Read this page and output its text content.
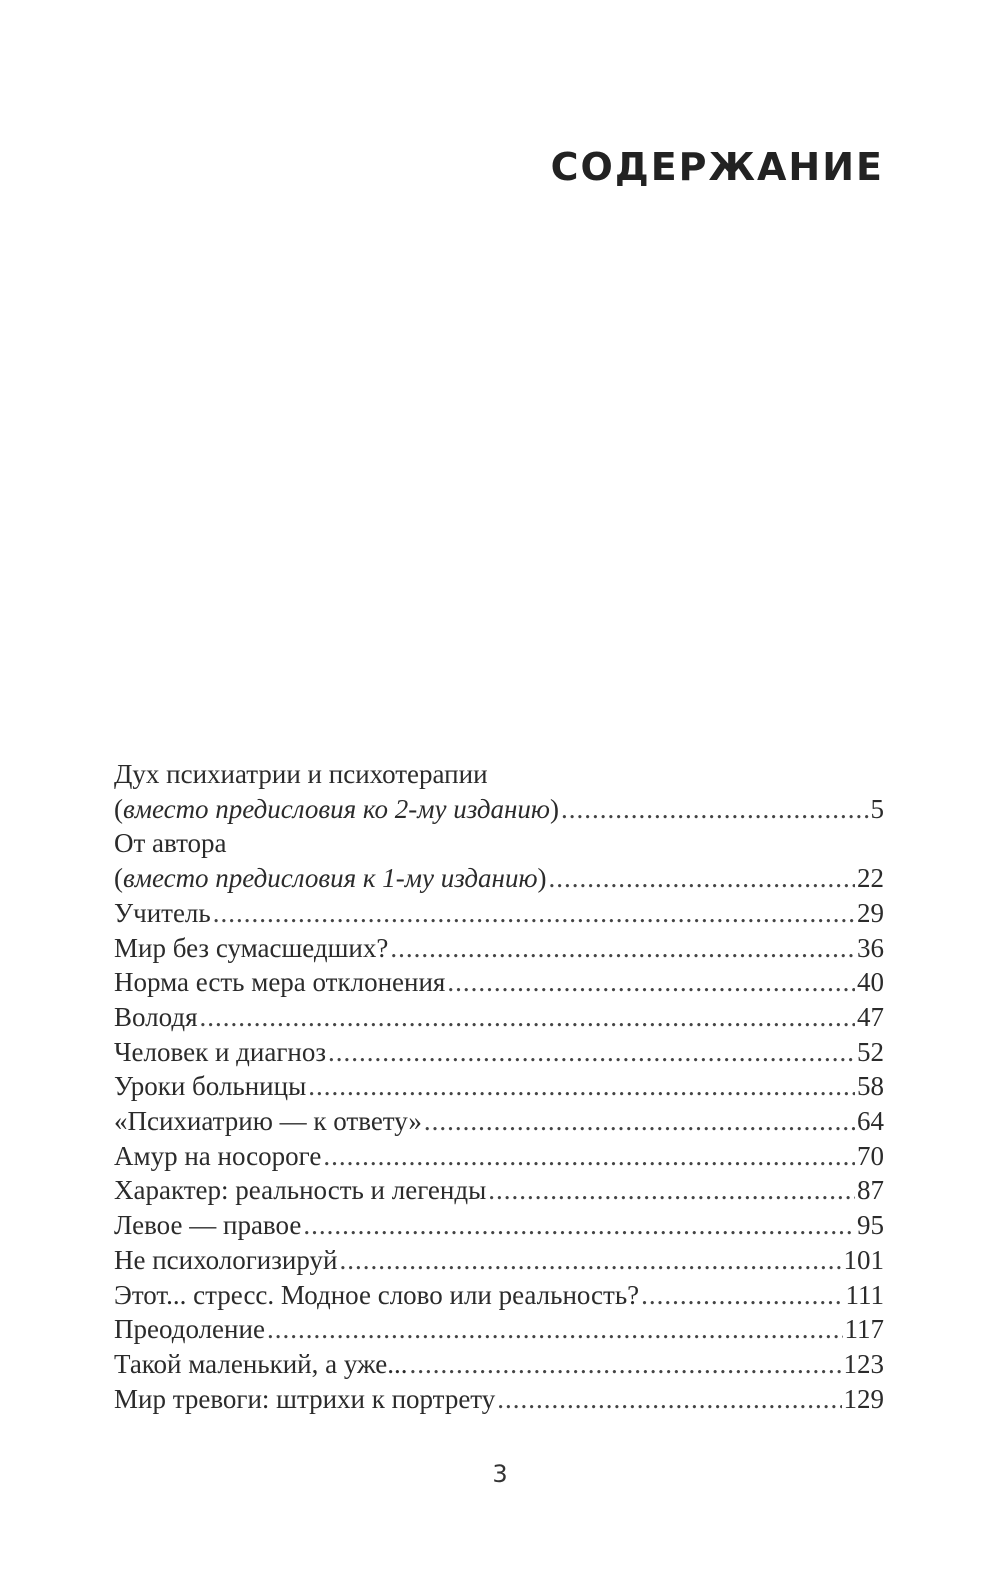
СОДЕРЖАНИЕ
Дух психиатрии и психотерапии
(вместо предисловия ко 2-му изданию) .....	5
От автора
(вместо предисловия к 1-му изданию) .....	22
Учитель .....	29
Мир без сумасшедших? .....	36
Норма есть мера отклонения .....	40
Володя .....	47
Человек и диагноз .....	52
Уроки больницы .....	58
«Психиатрию — к ответу» .....	64
Амур на носороге .....	70
Характер: реальность и легенды .....	87
Левое — правое .....	95
Не психологизируй .....	101
Этот... стресс. Модное слово или реальность? .....	111
Преодоление .....	117
Такой маленький, а уже... .....	123
Мир тревоги: штрихи к портрету .....	129
3
